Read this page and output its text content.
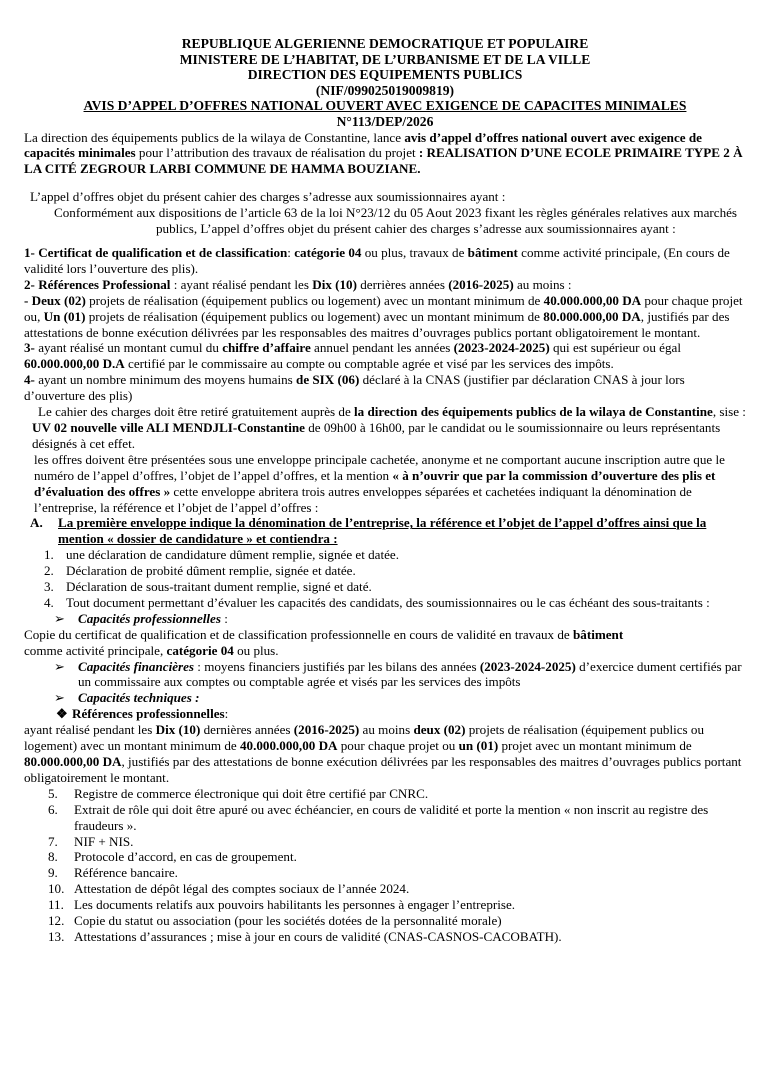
REPUBLIQUE ALGERIENNE DEMOCRATIQUE ET POPULAIRE
MINISTERE DE L’HABITAT, DE L’URBANISME ET DE LA VILLE
DIRECTION DES EQUIPEMENTS PUBLICS
(NIF/099025019009819)
AVIS D’APPEL D’OFFRES NATIONAL OUVERT AVEC EXIGENCE DE CAPACITES MINIMALES
N°113/DEP/2026

La direction des équipements publics de la wilaya de Constantine, lance avis d’appel d’offres national ouvert avec exigence de capacités minimales pour l’attribution des travaux de réalisation du projet : REALISATION D’UNE ECOLE PRIMAIRE TYPE 2 À LA CITÉ ZEGROUR LARBI COMMUNE DE HAMMA BOUZIANE.

L’appel d’offres objet du présent cahier des charges s’adresse aux soumissionnaires ayant :

Conformément aux dispositions de l’article 63 de la loi N°23/12 du 05 Aout 2023 fixant les règles générales relatives aux marchés publics, L’appel d’offres objet du présent cahier des charges s’adresse aux soumissionnaires ayant :

1- Certificat de qualification et de classification: catégorie 04 ou plus, travaux de bâtiment comme activité principale, (En cours de validité lors l’ouverture des plis).

2- Références Professional : ayant réalisé pendant les Dix (10) derrières années (2016-2025) au moins :

- Deux (02) projets de réalisation (équipement publics ou logement) avec un montant minimum de 40.000.000,00 DA pour chaque projet ou, Un (01) projets de réalisation (équipement publics ou logement) avec un montant minimum de 80.000.000,00 DA, justifiés par des attestations de bonne exécution délivrées par les responsables des maitres d’ouvrages publics portant obligatoirement le montant.

3- ayant réalisé un montant cumul du chiffre d’affaire annuel pendant les années (2023-2024-2025) qui est supérieur ou égal 60.000.000,00 D.A certifié par le commissaire au compte ou comptable agrée et visé par les services des impôts.

4- ayant un nombre minimum des moyens humains de SIX (06) déclaré à la CNAS (justifier par déclaration CNAS à jour lors d’ouverture des plis)

Le cahier des charges doit être retiré gratuitement auprès de la direction des équipements publics de la wilaya de Constantine, sise : UV 02 nouvelle ville ALI MENDJLI-Constantine de 09h00 à 16h00, par le candidat ou le soumissionnaire ou leurs représentants désignés à cet effet.

les offres doivent être présentées sous une enveloppe principale cachetée, anonyme et ne comportant aucune inscription autre que le numéro de l’appel d’offres, l’objet de l’appel d’offres, et la mention « à n’ouvrir que par la commission d’ouverture des plis et d’évaluation des offres » cette enveloppe abritera trois autres enveloppes séparées et cachetées indiquant la dénomination de l’entreprise, la référence et l’objet de l’appel d’offres :

A.	La première enveloppe indique la dénomination de l’entreprise, la référence et l’objet de l’appel d’offres ainsi que la mention « dossier de candidature » et contiendra :
1. une déclaration de candidature dûment remplie, signée et datée.
2. Déclaration de probité dûment remplie, signée et datée.
3. Déclaration de sous-traitant dument remplie, signé et daté.
4. Tout document permettant d’évaluer les capacités des candidats, des soumissionnaires ou le cas échéant des sous-traitants :
➢ Capacités professionnelles :

Copie du certificat de qualification et de classification professionnelle en cours de validité en travaux de bâtiment
comme activité principale, catégorie 04 ou plus.

➢ Capacités financières : moyens financiers justifiés par les bilans des années (2023-2024-2025) d’exercice dument certifiés par un commissaire aux comptes ou comptable agrée et visés par les services des impôts
➢ Capacités techniques :
❖ Références professionnelles:

ayant réalisé pendant les Dix (10) dernières années (2016-2025) au moins deux (02) projets de réalisation (équipement publics ou logement) avec un montant minimum de 40.000.000,00 DA pour chaque projet ou un (01) projet avec un montant minimum de 80.000.000,00 DA, justifiés par des attestations de bonne exécution délivrées par les responsables des maitres d’ouvrages publics portant obligatoirement le montant.

5.	Registre de commerce électronique qui doit être certifié par CNRC.
6.	Extrait de rôle qui doit être apuré ou avec échéancier, en cours de validité et porte la mention « non inscrit au registre des fraudeurs ».
7.	NIF + NIS.
8.	Protocole d’accord, en cas de groupement.
9.	Référence bancaire.
10. Attestation de dépôt légal des comptes sociaux de l’année 2024.
11. Les documents relatifs aux pouvoirs habilitants les personnes à engager l’entreprise.
12. Copie du statut ou association (pour les sociétés dotées de la personnalité morale)
13. Attestations d’assurances ; mise à jour en cours de validité (CNAS-CASNOS-CACOBATH).
